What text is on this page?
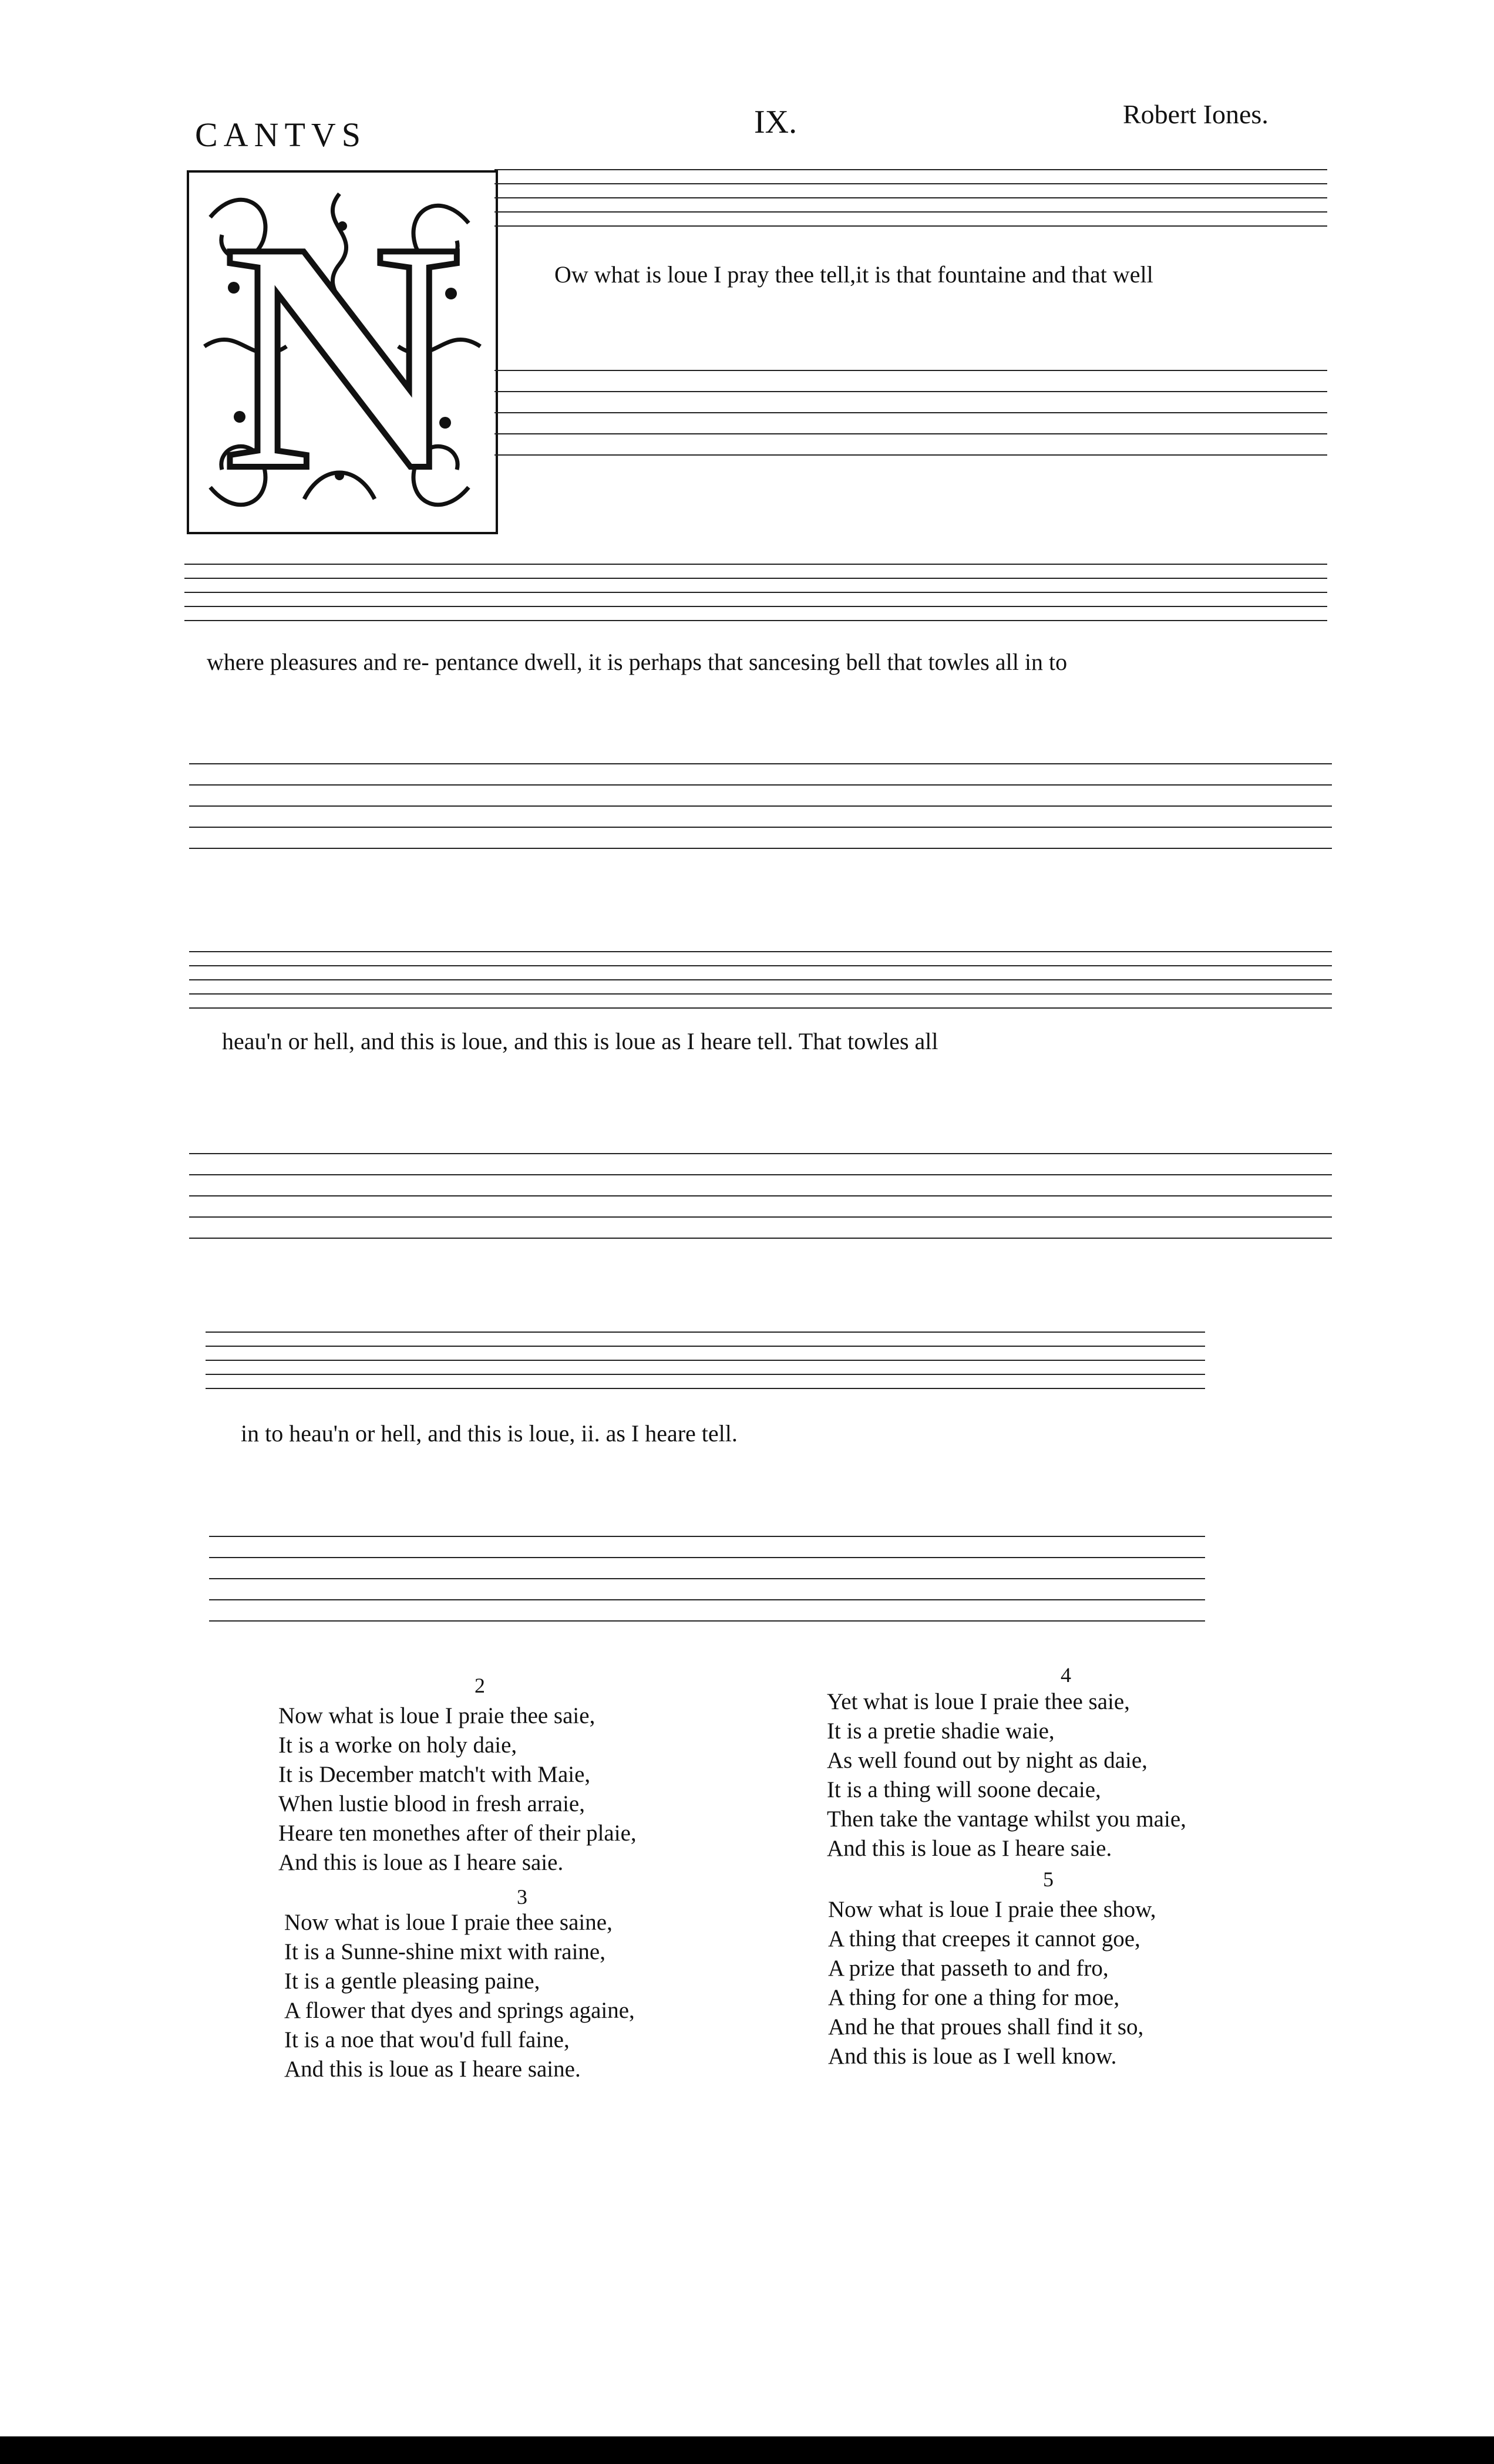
CANTVS	IX.	Robert Iones.
N	Ow what is loue I pray thee tell,it is that fountaine and that well
where pleasures and re- pentance dwell, it is perhaps that sancesing bell that towles all in to
heau'n or hell, and this is loue, and this is loue as I heare tell. That towles all
in to heau'n or hell, and this is loue, ii. as I heare tell.
2
Now what is loue I praie thee saie,
It is a worke on holy daie,
It is December match't with Maie,
When lustie blood in fresh arraie,
Heare ten monethes after of their plaie,
And this is loue as I heare saie.
3
Now what is loue I praie thee saine,
It is a Sunne-shine mixt with raine,
It is a gentle pleasing paine,
A flower that dyes and springs againe,
It is a noe that wou'd full faine,
And this is loue as I heare saine.
4
Yet what is loue I praie thee saie,
It is a pretie shadie waie,
As well found out by night as daie,
It is a thing will soone decaie,
Then take the vantage whilst you maie,
And this is loue as I heare saie.
5
Now what is loue I praie thee show,
A thing that creepes it cannot goe,
A prize that passeth to and fro,
A thing for one a thing for moe,
And he that proues shall find it so,
And this is loue as I well know.
